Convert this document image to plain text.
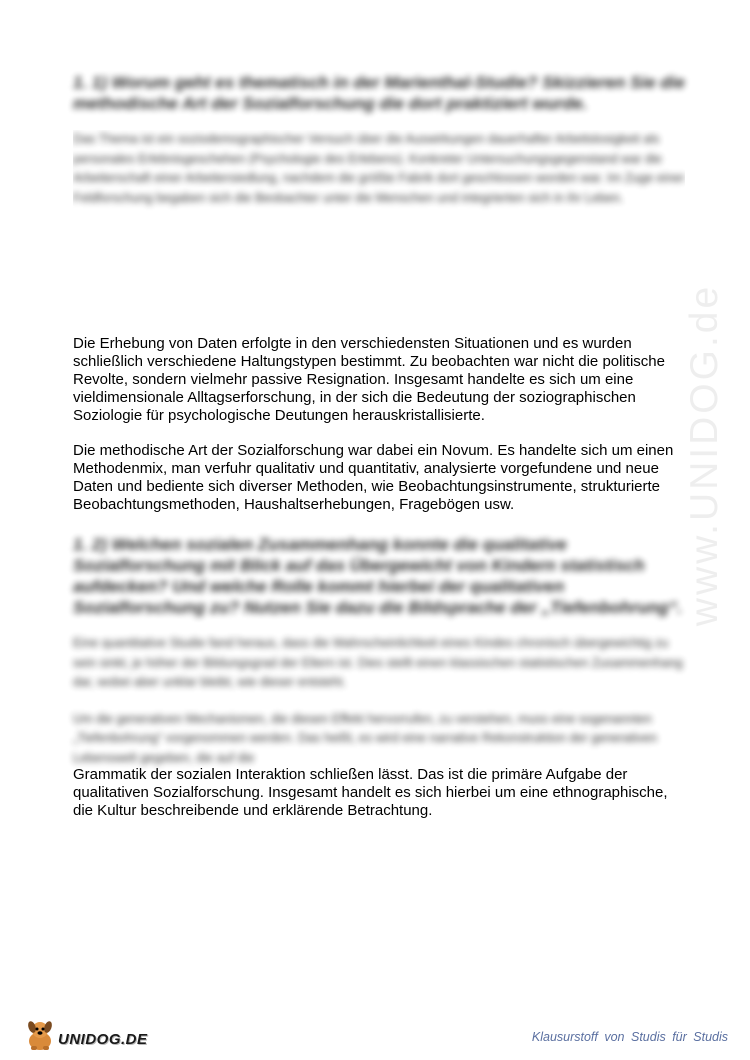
1. 1) Worum geht es thematisch in der Marienthal-Studie? Skizzieren Sie die methodische Art der Sozialforschung die dort praktiziert wurde.
Das Thema ist ein soziodemographischer Versuch über die Auswirkungen dauerhafter Arbeitslosigkeit als personales Erlebnisgeschehen (Psychologie des Erlebens). Konkreter Untersuchungsgegenstand war die Arbeiterschaft einer Arbeitersiedlung, nachdem die größte Fabrik dort geschlossen worden war. Im Zuge einer Feldforschung begaben sich die Beobachter unter die Menschen und integrierten sich in ihr Leben.
Die Erhebung von Daten erfolgte in den verschiedensten Situationen und es wurden schließlich verschiedene Haltungstypen bestimmt. Zu beobachten war nicht die politische Revolte, sondern vielmehr passive Resignation. Insgesamt handelte es sich um eine vieldimensionale Alltagserforschung, in der sich die Bedeutung der soziographischen Soziologie für psychologische Deutungen herauskristallisierte.
Die methodische Art der Sozialforschung war dabei ein Novum. Es handelte sich um einen Methodenmix, man verfuhr qualitativ und quantitativ, analysierte vorgefundene und neue Daten und bediente sich diverser Methoden, wie Beobachtungsinstrumente, strukturierte Beobachtungsmethoden, Haushaltserhebungen, Fragebögen usw.
1. 2) Welchen sozialen Zusammenhang konnte die qualitative Sozialforschung mit Blick auf das Übergewicht von Kindern statistisch aufdecken? Und welche Rolle kommt hierbei der qualitativen Sozialforschung zu? Nutzen Sie dazu die Bildsprache der „Tiefenbohrung“.
Eine quantitative Studie fand heraus, dass die Wahrscheinlichkeit eines Kindes chronisch übergewichtig zu sein sinkt, je höher der Bildungsgrad der Eltern ist. Dies stellt einen klassischen statistischen Zusammenhang dar, wobei aber unklar bleibt, wie dieser entsteht.
Um die generativen Mechanismen, die diesen Effekt hervorrufen, zu verstehen, muss eine sogenannten „Tiefenbohrung“ vorgenommen werden. Das heißt, es wird eine narrative Rekonstruktion der generativen Lebenswelt gegeben, die auf die
Grammatik der sozialen Interaktion schließen lässt. Das ist die primäre Aufgabe der qualitativen Sozialforschung. Insgesamt handelt es sich hierbei um eine ethnographische, die Kultur beschreibende und erklärende Betrachtung.
www.UNIDOG.de
UNIDOG.DE	Klausurstoff von Studis für Studis
